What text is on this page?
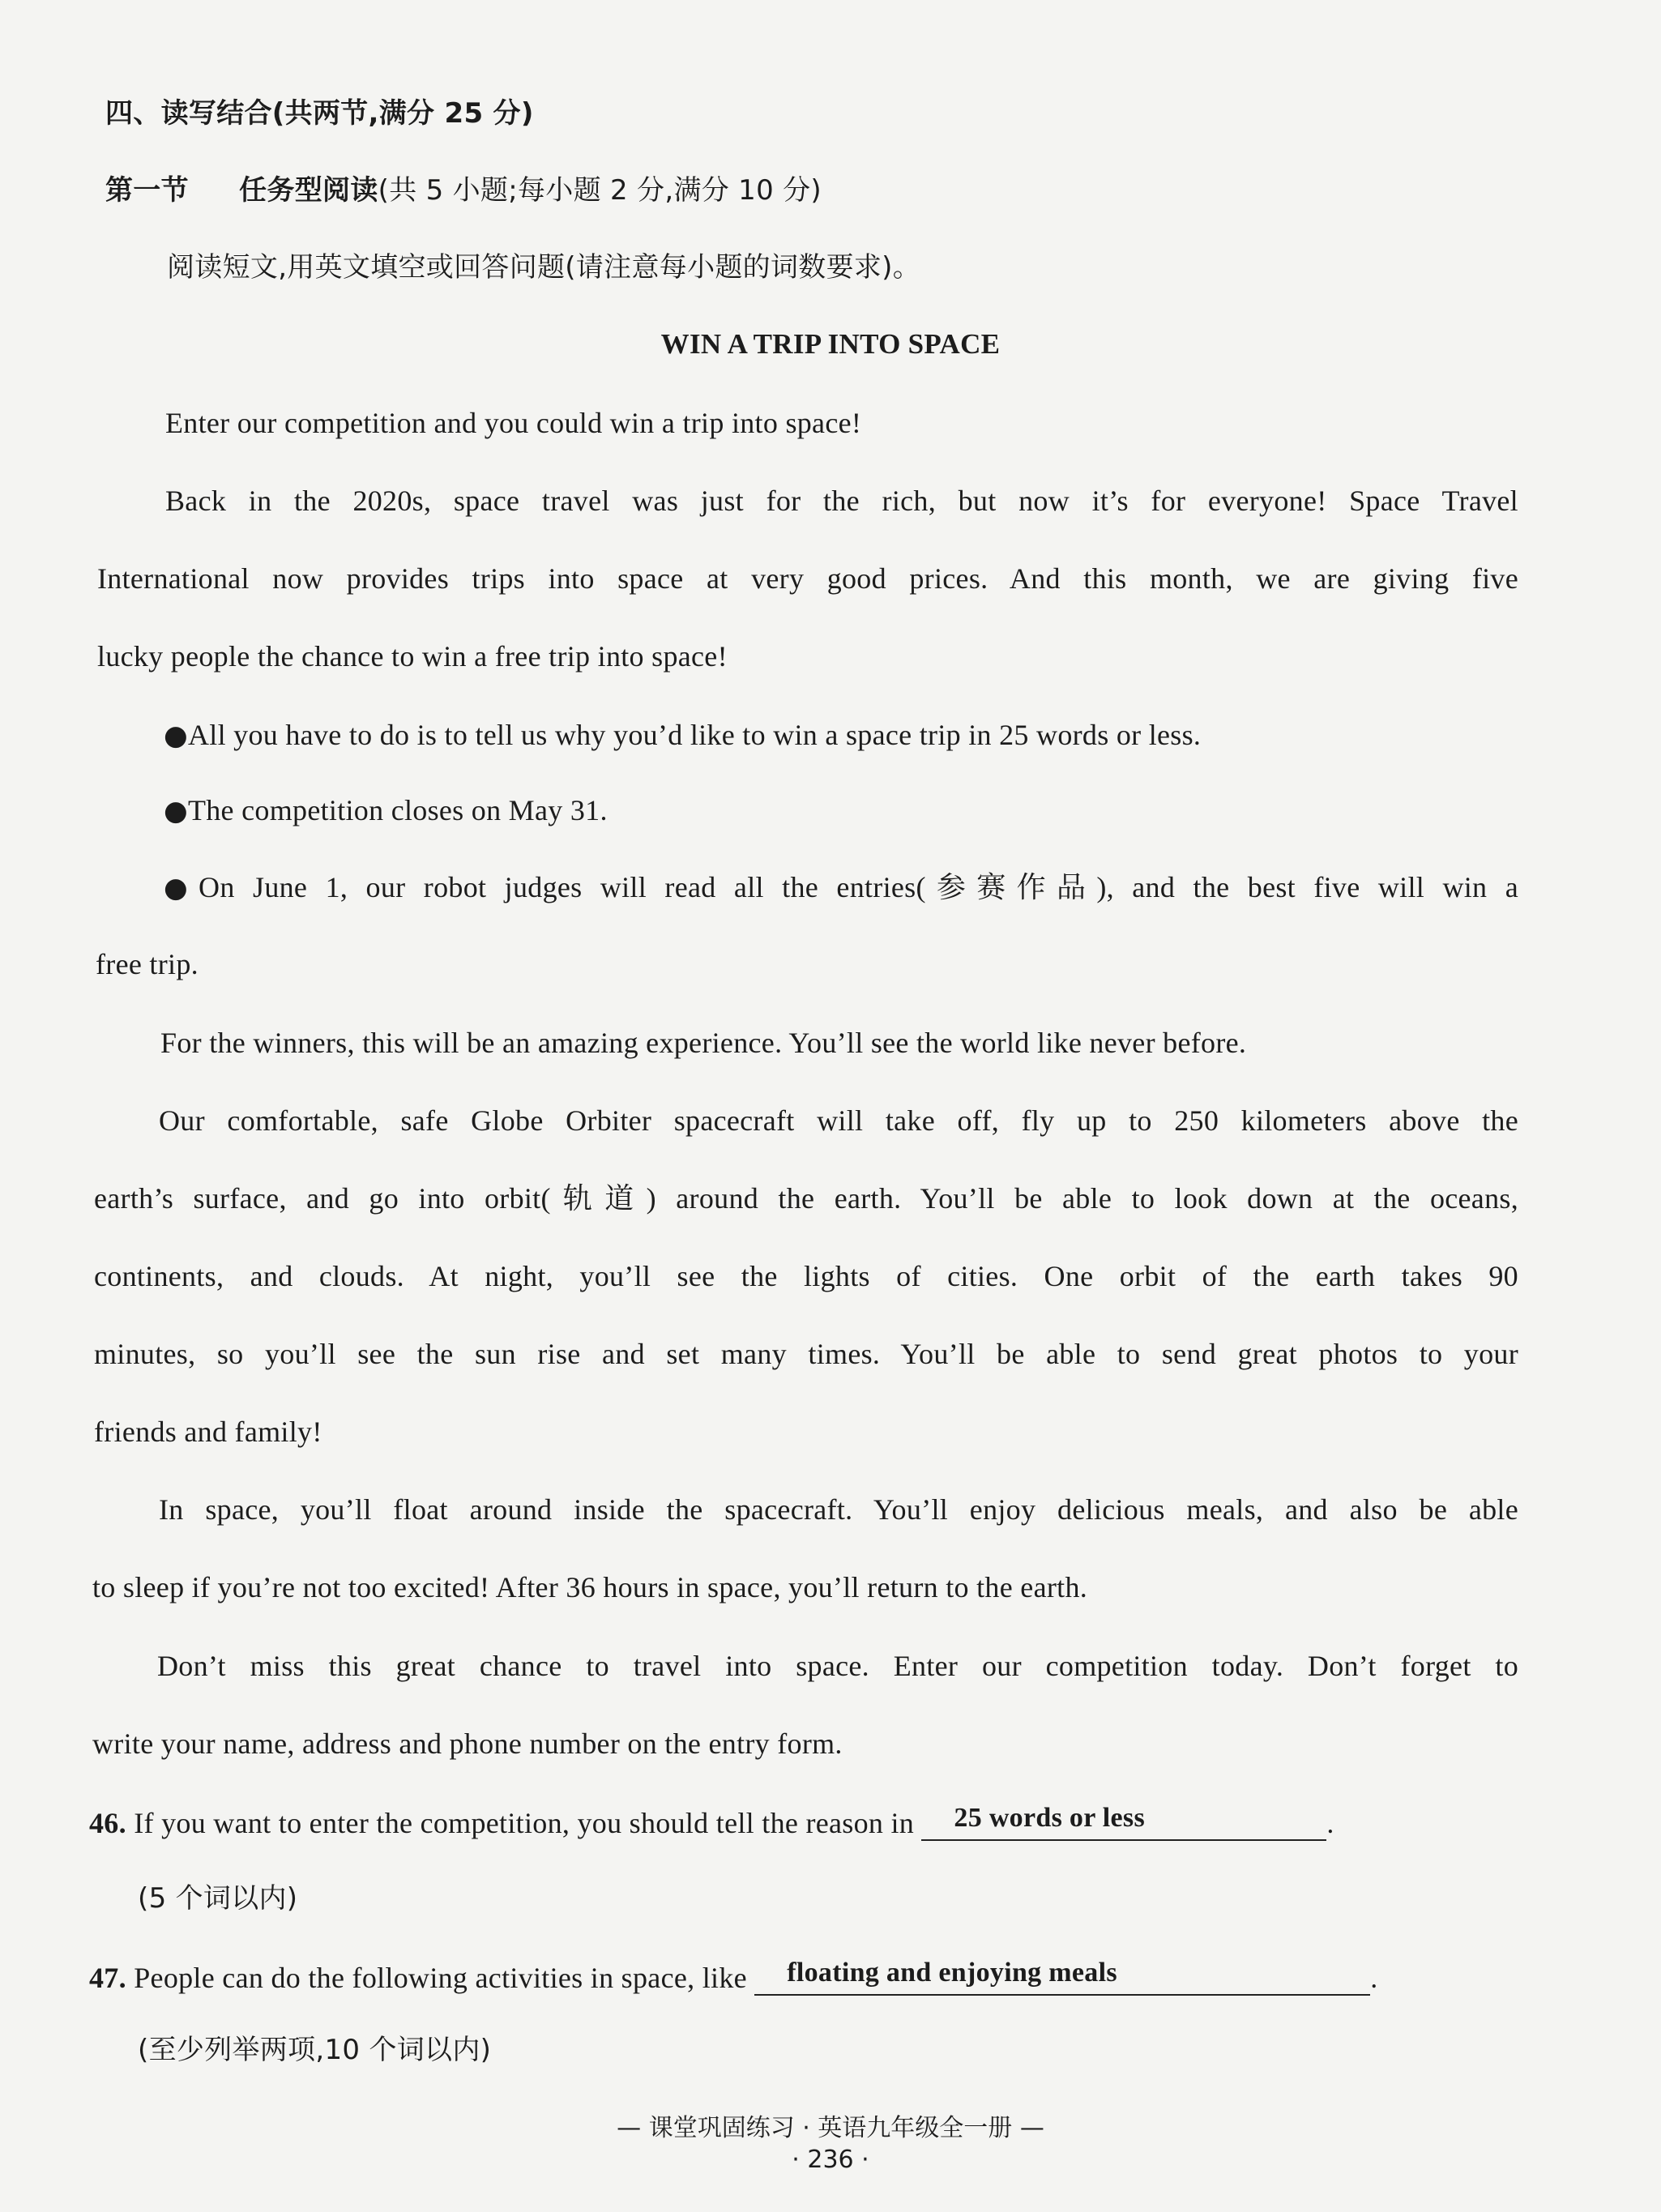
四、读写结合(共两节,满分 25 分)
第一节 任务型阅读(共 5 小题;每小题 2 分,满分 10 分)
阅读短文,用英文填空或回答问题(请注意每小题的词数要求)。
WIN A TRIP INTO SPACE
Enter our competition and you could win a trip into space!
Back in the 2020s, space travel was just for the rich, but now it’s for everyone! Space Travel
International now provides trips into space at very good prices. And this month, we are giving five
lucky people the chance to win a free trip into space!
●All you have to do is to tell us why you’d like to win a space trip in 25 words or less.
●The competition closes on May 31.
●On June 1, our robot judges will read all the entries(参赛作品), and the best five will win a
free trip.
For the winners, this will be an amazing experience. You’ll see the world like never before.
Our comfortable, safe Globe Orbiter spacecraft will take off, fly up to 250 kilometers above the
earth’s surface, and go into orbit(轨道) around the earth. You’ll be able to look down at the oceans,
continents, and clouds. At night, you’ll see the lights of cities. One orbit of the earth takes 90
minutes, so you’ll see the sun rise and set many times. You’ll be able to send great photos to your
friends and family!
In space, you’ll float around inside the spacecraft. You’ll enjoy delicious meals, and also be able
to sleep if you’re not too excited! After 36 hours in space, you’ll return to the earth.
Don’t miss this great chance to travel into space. Enter our competition today. Don’t forget to
write your name, address and phone number on the entry form.
46. If you want to enter the competition, you should tell the reason in 25 words or less	.
(5 个词以内)
47. People can do the following activities in space, like floating and enjoying meals	.
(至少列举两项,10 个词以内)
— 课堂巩固练习 · 英语九年级全一册 —
· 236 ·
